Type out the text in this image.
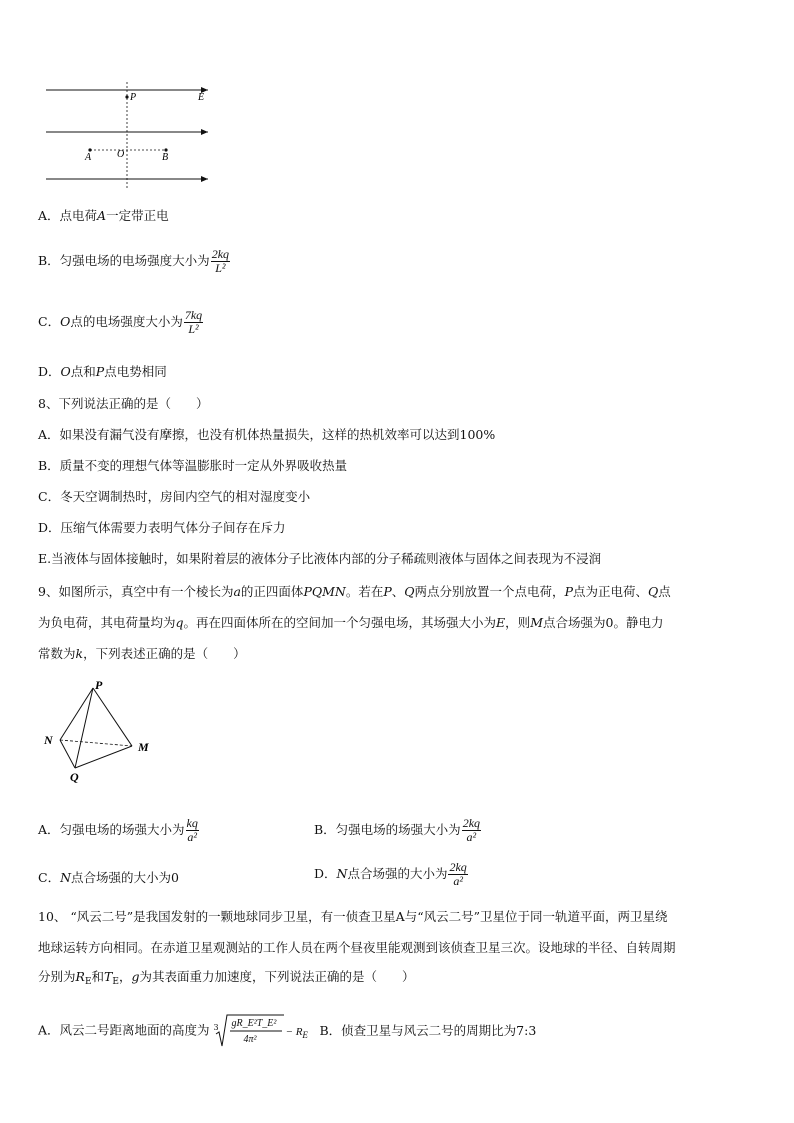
P	E
A	O	B
A．点电荷A一定带正电
B．匀强电场的电场强度大小为 $\frac{2kq}{\text{L²}}$
C．O点的电场强度大小为 $\frac{7kq}{\text{L²}}$
D．O点和P点电势相同
8、下列说法正确的是（　　）
A．如果没有漏气没有摩擦，也没有机体热量损失，这样的热机效率可以达到100%
B．质量不变的理想气体等温膨胀时一定从外界吸收热量
C．冬天空调制热时，房间内空气的相对湿度变小
D．压缩气体需要力表明气体分子间存在斥力
E.当液体与固体接触时，如果附着层的液体分子比液体内部的分子稀疏则液体与固体之间表现为不浸润
9、如图所示，真空中有一个棱长为a的正四面体PQMN。若在P、Q两点分别放置一个点电荷，P点为正电荷、Q点
为负电荷，其电荷量均为q。再在四面体所在的空间加一个匀强电场，其场强大小为E，则M点合场强为0。静电力
常数为k，下列表述正确的是（　　）
P
N	M
Q
A．匀强电场的场强大小为 $\frac{kq}{\text{a²}}$	B．匀强电场的场强大小为 $\frac{2kq}{\text{a²}}$
C．N点合场强的大小为0	D．N点合场强的大小为 $\frac{2kq}{\text{a²}}$
10、 “风云二号”是我国发射的一颗地球同步卫星，有一侦查卫星A与“风云二号”卫星位于同一轨道平面，两卫星绕
地球运转方向相同。在赤道卫星观测站的工作人员在两个昼夜里能观测到该侦查卫星三次。设地球的半径、自转周期
分别为$R_E$和$T_E$，g为其表面重力加速度，下列说法正确的是（　　）
A．风云二号距离地面的高度为 3 gR_E²T_E²
4π²
− $R_E$ B．侦查卫星与风云二号的周期比为7:3
